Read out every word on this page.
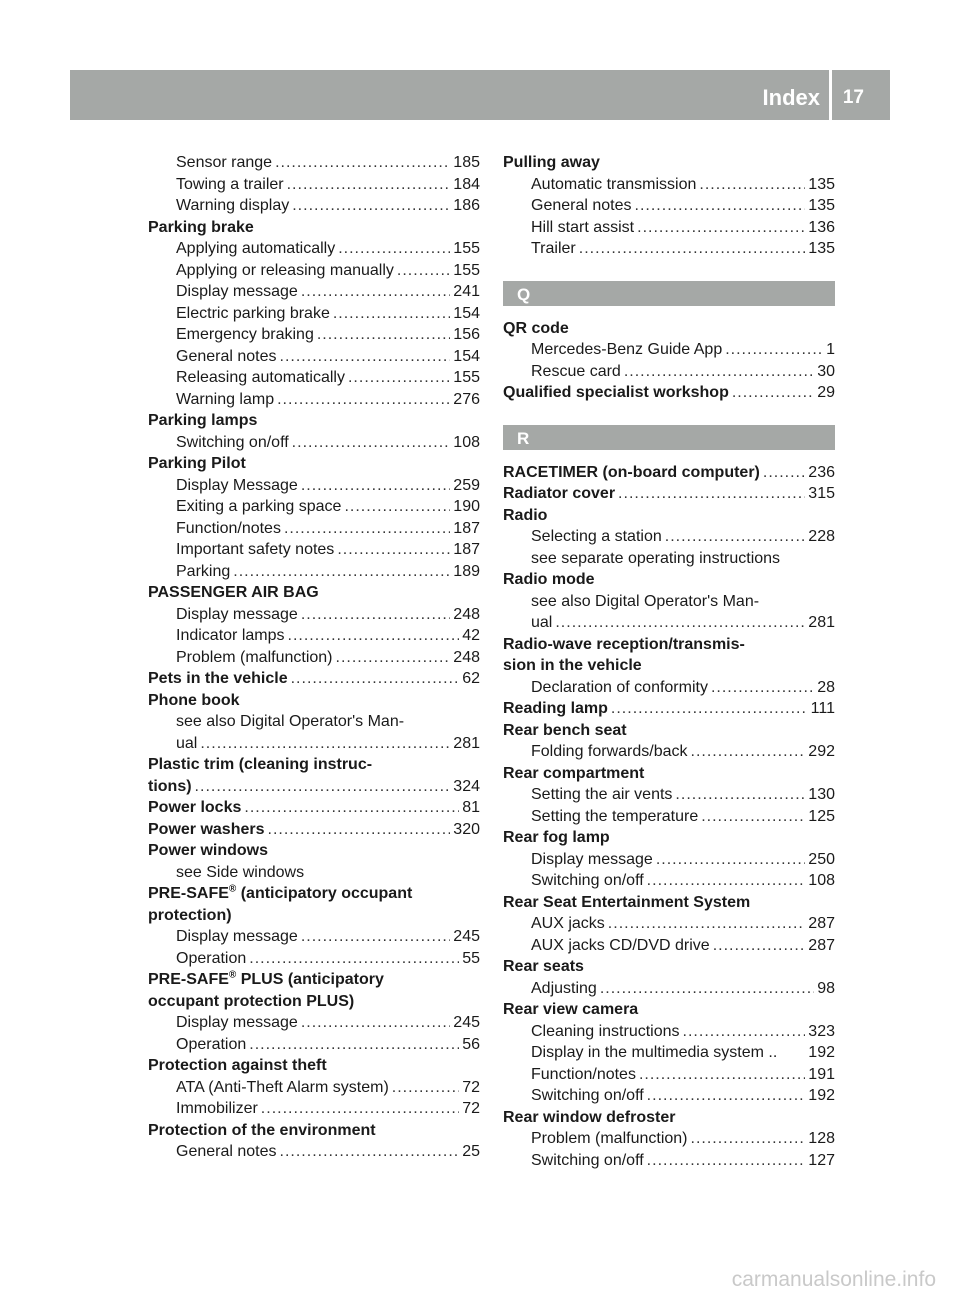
Index 17
Sensor range .....	185
Towing a trailer .....	184
Warning display .....	186
Parking brake
Applying automatically .....	155
Applying or releasing manually .....	155
Display message .....	241
Electric parking brake .....	154
Emergency braking .....	156
General notes .....	154
Releasing automatically .....	155
Warning lamp .....	276
Parking lamps
Switching on/off .....	108
Parking Pilot
Display Message .....	259
Exiting a parking space .....	190
Function/notes .....	187
Important safety notes .....	187
Parking .....	189
PASSENGER AIR BAG
Display message .....	248
Indicator lamps .....	42
Problem (malfunction) .....	248
Pets in the vehicle .....	62
Phone book
see also Digital Operator's Man-
ual .....	281
Plastic trim (cleaning instruc-
tions) .....	324
Power locks .....	81
Power washers .....	320
Power windows
see Side windows
PRE-SAFE® (anticipatory occupant
protection)
Display message .....	245
Operation .....	55
PRE-SAFE® PLUS (anticipatory
occupant protection PLUS)
Display message .....	245
Operation .....	56
Protection against theft
ATA (Anti-Theft Alarm system) .....	72
Immobilizer .....	72
Protection of the environment
General notes .....	25
Pulling away
Automatic transmission .....	135
General notes .....	135
Hill start assist .....	136
Trailer .....	135
Q
QR code
Mercedes-Benz Guide App .....	1
Rescue card .....	30
Qualified specialist workshop .....	29
R
RACETIMER (on-board computer) .....	236
Radiator cover .....	315
Radio
Selecting a station .....	228
see separate operating instructions
Radio mode
see also Digital Operator's Man-
ual .....	281
Radio-wave reception/transmis-
sion in the vehicle
Declaration of conformity .....	28
Reading lamp .....	111
Rear bench seat
Folding forwards/back .....	292
Rear compartment
Setting the air vents .....	130
Setting the temperature .....	125
Rear fog lamp
Display message .....	250
Switching on/off .....	108
Rear Seat Entertainment System
AUX jacks .....	287
AUX jacks CD/DVD drive .....	287
Rear seats
Adjusting .....	98
Rear view camera
Cleaning instructions .....	323
Display in the multimedia system ..	192
Function/notes .....	191
Switching on/off .....	192
Rear window defroster
Problem (malfunction) .....	128
Switching on/off .....	127
carmanualsonline.info
